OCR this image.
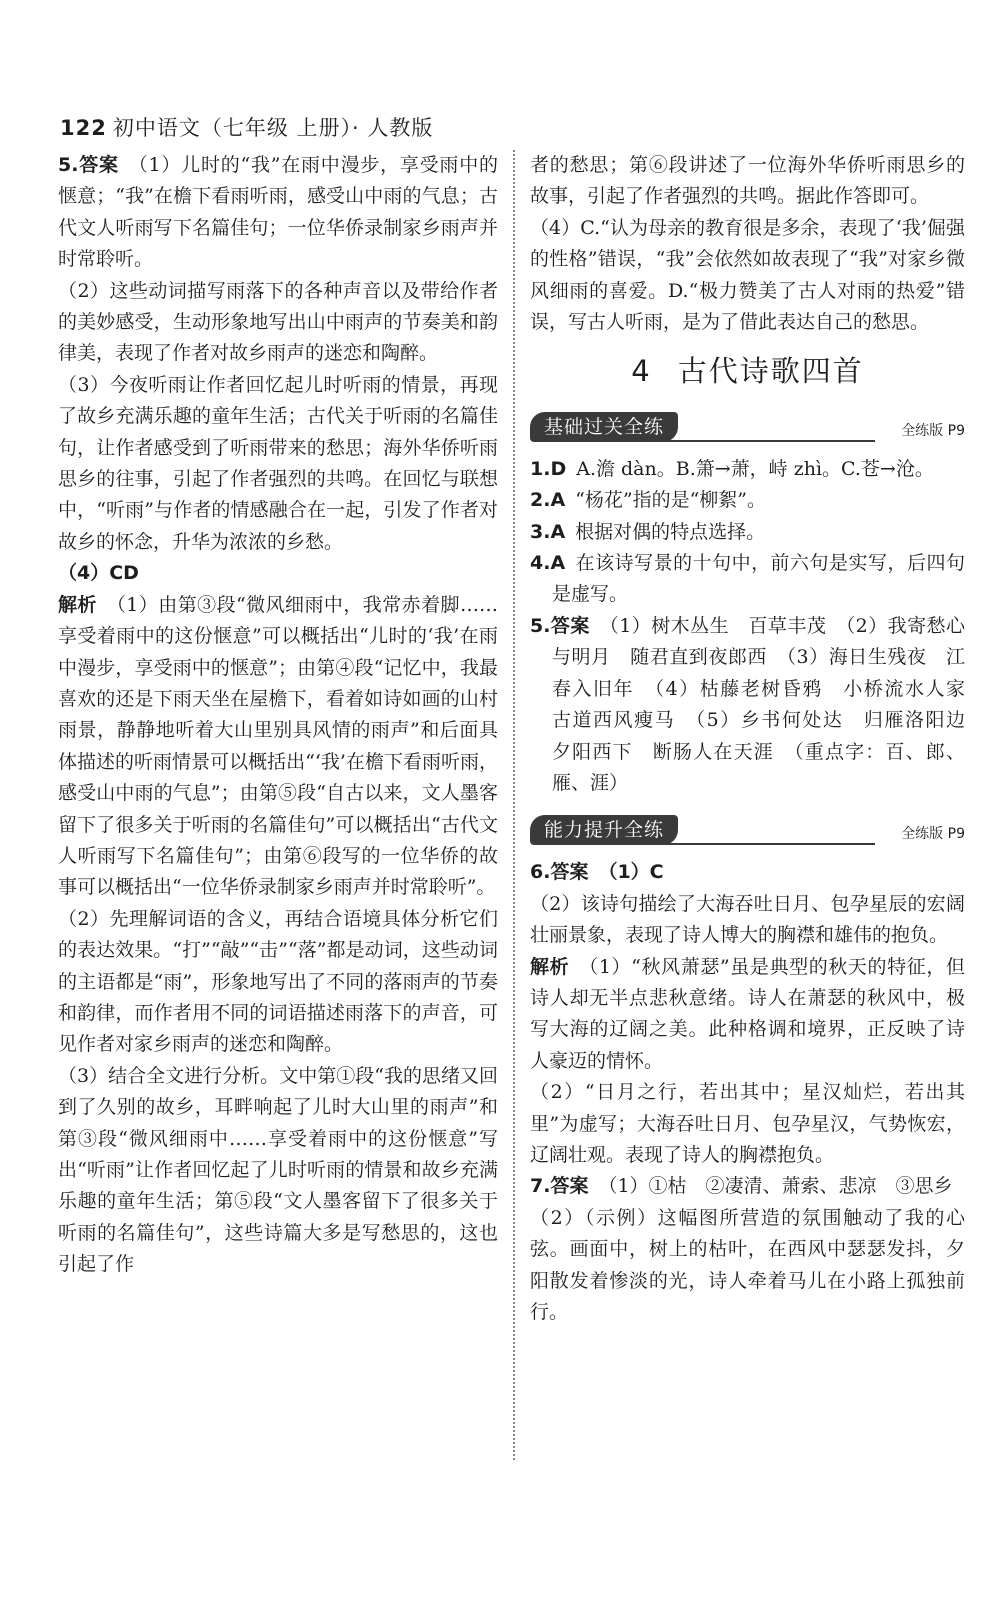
122 初中语文（七年级 上册）· 人教版

5.答案 （1）儿时的“我”在雨中漫步，享受雨中的惬意；“我”在檐下看雨听雨，感受山中雨的气息；古代文人听雨写下名篇佳句；一位华侨录制家乡雨声并时常聆听。

（2）这些动词描写雨落下的各种声音以及带给作者的美妙感受，生动形象地写出山中雨声的节奏美和韵律美，表现了作者对故乡雨声的迷恋和陶醉。

（3）今夜听雨让作者回忆起儿时听雨的情景，再现了故乡充满乐趣的童年生活；古代关于听雨的名篇佳句，让作者感受到了听雨带来的愁思；海外华侨听雨思乡的往事，引起了作者强烈的共鸣。在回忆与联想中，“听雨”与作者的情感融合在一起，引发了作者对故乡的怀念，升华为浓浓的乡愁。

（4）CD

解析 （1）由第③段“微风细雨中，我常赤着脚……享受着雨中的这份惬意”可以概括出“儿时的‘我’在雨中漫步，享受雨中的惬意”；由第④段“记忆中，我最喜欢的还是下雨天坐在屋檐下，看着如诗如画的山村雨景，静静地听着大山里别具风情的雨声”和后面具体描述的听雨情景可以概括出“‘我’在檐下看雨听雨，感受山中雨的气息”；由第⑤段“自古以来，文人墨客留下了很多关于听雨的名篇佳句”可以概括出“古代文人听雨写下名篇佳句”；由第⑥段写的一位华侨的故事可以概括出“一位华侨录制家乡雨声并时常聆听”。

（2）先理解词语的含义，再结合语境具体分析它们的表达效果。“打”“敲”“击”“落”都是动词，这些动词的主语都是“雨”，形象地写出了不同的落雨声的节奏和韵律，而作者用不同的词语描述雨落下的声音，可见作者对家乡雨声的迷恋和陶醉。

（3）结合全文进行分析。文中第①段“我的思绪又回到了久别的故乡，耳畔响起了儿时大山里的雨声”和第③段“微风细雨中……享受着雨中的这份惬意”写出“听雨”让作者回忆起了儿时听雨的情景和故乡充满乐趣的童年生活；第⑤段“文人墨客留下了很多关于听雨的名篇佳句”，这些诗篇大多是写愁思的，这也引起了作

者的愁思；第⑥段讲述了一位海外华侨听雨思乡的故事，引起了作者强烈的共鸣。据此作答即可。

（4）C.“认为母亲的教育很是多余，表现了‘我’倔强的性格”错误，“我”会依然如故表现了“我”对家乡微风细雨的喜爱。D.“极力赞美了古人对雨的热爱”错误，写古人听雨，是为了借此表达自己的愁思。

4 古代诗歌四首
基础过关全练	全练版 P9

1.D A.澹 dàn。B.箫→萧，峙 zhì。C.苍→沧。

2.A “杨花”指的是“柳絮”。

3.A 根据对偶的特点选择。

4.A 在该诗写景的十句中，前六句是实写，后四句是虚写。

5.答案 （1）树木丛生　百草丰茂　（2）我寄愁心与明月　随君直到夜郎西　（3）海日生残夜　江春入旧年　（4）枯藤老树昏鸦　小桥流水人家　古道西风瘦马　（5）乡书何处达　归雁洛阳边　夕阳西下　断肠人在天涯　（重点字：百、郎、雁、涯）

能力提升全练	全练版 P9

6.答案 （1）C

（2）该诗句描绘了大海吞吐日月、包孕星辰的宏阔壮丽景象，表现了诗人博大的胸襟和雄伟的抱负。

解析 （1）“秋风萧瑟”虽是典型的秋天的特征，但诗人却无半点悲秋意绪。诗人在萧瑟的秋风中，极写大海的辽阔之美。此种格调和境界，正反映了诗人豪迈的情怀。

（2）“日月之行，若出其中；星汉灿烂，若出其里”为虚写；大海吞吐日月、包孕星汉，气势恢宏，辽阔壮观。表现了诗人的胸襟抱负。

7.答案 （1）①枯　②凄清、萧索、悲凉　③思乡

（2）（示例）这幅图所营造的氛围触动了我的心弦。画面中，树上的枯叶，在西风中瑟瑟发抖，夕阳散发着惨淡的光，诗人牵着马儿在小路上孤独前行。
